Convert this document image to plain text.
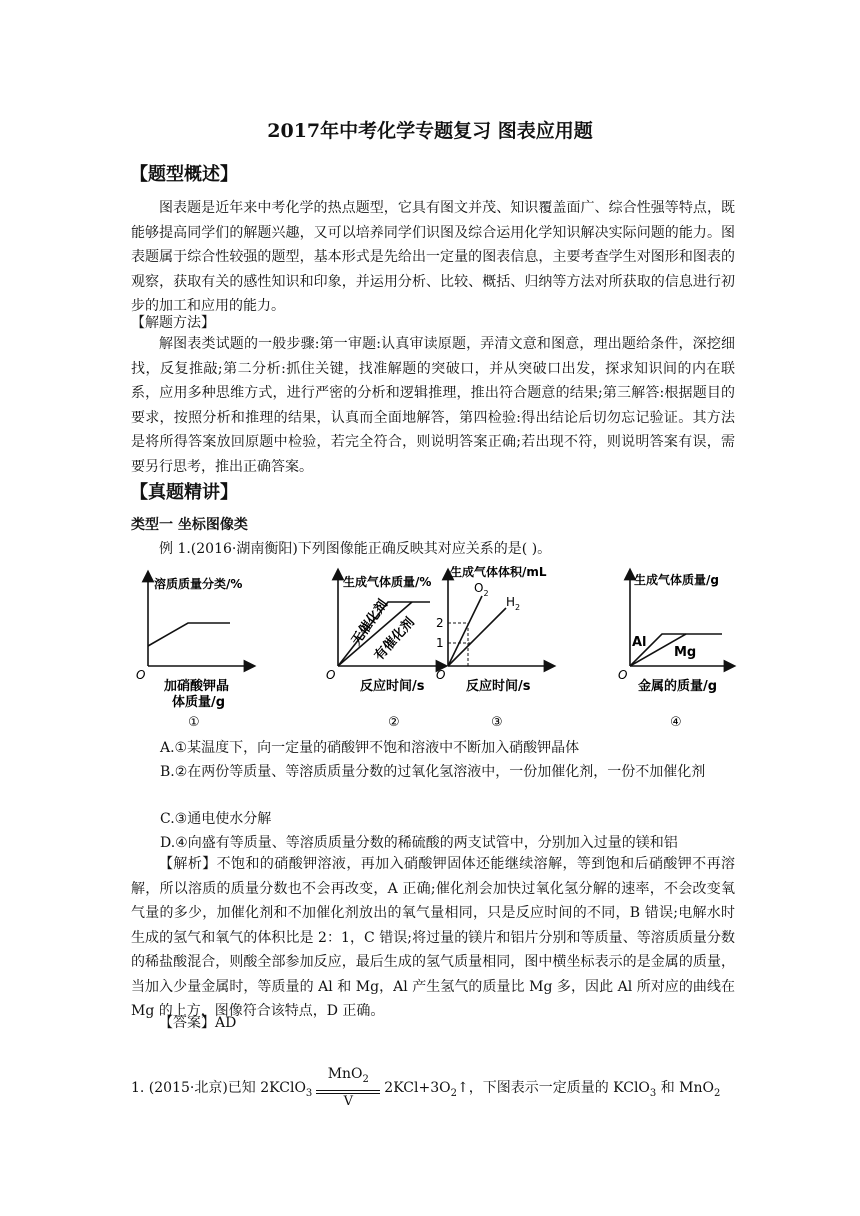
2017年中考化学专题复习 图表应用题
【题型概述】

图表题是近年来中考化学的热点题型，它具有图文并茂、知识覆盖面广、综合性强等特点，既能够提高同学们的解题兴趣，又可以培养同学们识图及综合运用化学知识解决实际问题的能力。图表题属于综合性较强的题型，基本形式是先给出一定量的图表信息，主要考查学生对图形和图表的观察，获取有关的感性知识和印象，并运用分析、比较、概括、归纳等方法对所获取的信息进行初步的加工和应用的能力。

【解题方法】

解图表类试题的一般步骤:第一审题:认真审读原题，弄清文意和图意，理出题给条件，深挖细找，反复推敲;第二分析:抓住关键，找准解题的突破口，并从突破口出发，探求知识间的内在联系，应用多种思维方式，进行严密的分析和逻辑推理，推出符合题意的结果;第三解答:根据题目的要求，按照分析和推理的结果，认真而全面地解答，第四检验:得出结论后切勿忘记验证。其方法是将所得答案放回原题中检验，若完全符合，则说明答案正确;若出现不符，则说明答案有误，需要另行思考，推出正确答案。

【真题精讲】
类型一 坐标图像类
例 1.(2016·湖南衡阳)下列图像能正确反映其对应关系的是( )。
溶质质量分类/%
O
加硝酸钾晶
体质量/g
①
生成气体质量/%
O
反应时间/s
无催化剂
有催化剂
②
生成气体体积/mL
O
2
1
$O_2$
$H_2$
反应时间/s
③
生成气体质量/g
O
Al
Mg
金属的质量/g
④

A.①某温度下，向一定量的硝酸钾不饱和溶液中不断加入硝酸钾晶体

B.②在两份等质量、等溶质质量分数的过氧化氢溶液中，一份加催化剂，一份不加催化剂

C.③通电使水分解

D.④向盛有等质量、等溶质质量分数的稀硫酸的两支试管中，分别加入过量的镁和铝

【解析】不饱和的硝酸钾溶液，再加入硝酸钾固体还能继续溶解，等到饱和后硝酸钾不再溶解，所以溶质的质量分数也不会再改变，A 正确;催化剂会加快过氧化氢分解的速率，不会改变氧气量的多少，加催化剂和不加催化剂放出的氧气量相同，只是反应时间的不同，B 错误;电解水时生成的氢气和氧气的体积比是 2：1，C 错误;将过量的镁片和铝片分别和等质量、等溶质质量分数的稀盐酸混合，则酸全部参加反应，最后生成的氢气质量相同，图中横坐标表示的是金属的质量，当加入少量金属时，等质量的 Al 和 Mg，Al 产生氢气的质量比 Mg 多，因此 Al 所对应的曲线在 Mg 的上方，图像符合该特点，D 正确。

【答案】AD
1. (2015·北京)已知 2KClO$_3$ $\frac{MnO_2}{V}$ $2KCl+3O_2↑$，下图表示一定质量的 KClO$_3$ 和 MnO$_2$
